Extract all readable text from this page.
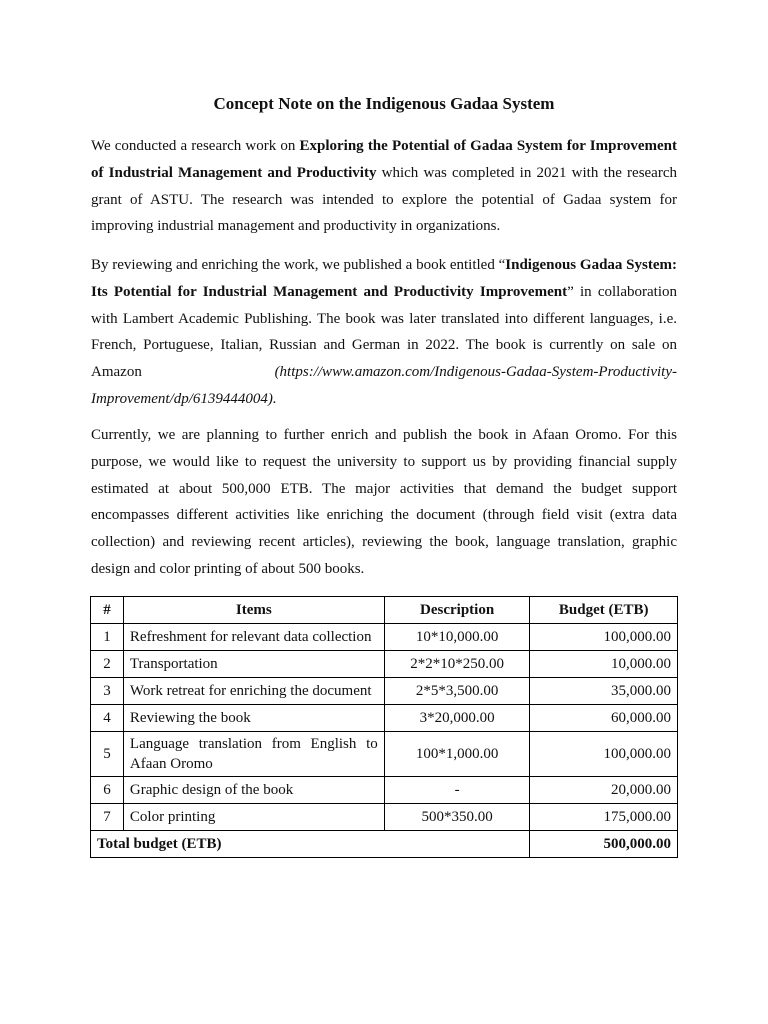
Concept Note on the Indigenous Gadaa System

We conducted a research work on Exploring the Potential of Gadaa System for Improvement of Industrial Management and Productivity which was completed in 2021 with the research grant of ASTU. The research was intended to explore the potential of Gadaa system for improving industrial management and productivity in organizations.

By reviewing and enriching the work, we published a book entitled “Indigenous Gadaa System: Its Potential for Industrial Management and Productivity Improvement” in collaboration with Lambert Academic Publishing. The book was later translated into different languages, i.e. French, Portuguese, Italian, Russian and German in 2022. The book is currently on sale on Amazon (https://www.amazon.com/Indigenous-Gadaa-System-Productivity-Improvement/dp/6139444004).

Currently, we are planning to further enrich and publish the book in Afaan Oromo. For this purpose, we would like to request the university to support us by providing financial supply estimated at about 500,000 ETB. The major activities that demand the budget support encompasses different activities like enriching the document (through field visit (extra data collection) and reviewing recent articles), reviewing the book, language translation, graphic design and color printing of about 500 books.

#	Items	Description	Budget (ETB)
1	Refreshment for relevant data collection	10*10,000.00	100,000.00
2	Transportation	2*2*10*250.00	10,000.00
3	Work retreat for enriching the document	2*5*3,500.00	35,000.00
4	Reviewing the book	3*20,000.00	60,000.00
5	Language translation from English to Afaan Oromo	100*1,000.00	100,000.00
6	Graphic design of the book	-	20,000.00
7	Color printing	500*350.00	175,000.00
Total budget (ETB)			500,000.00
